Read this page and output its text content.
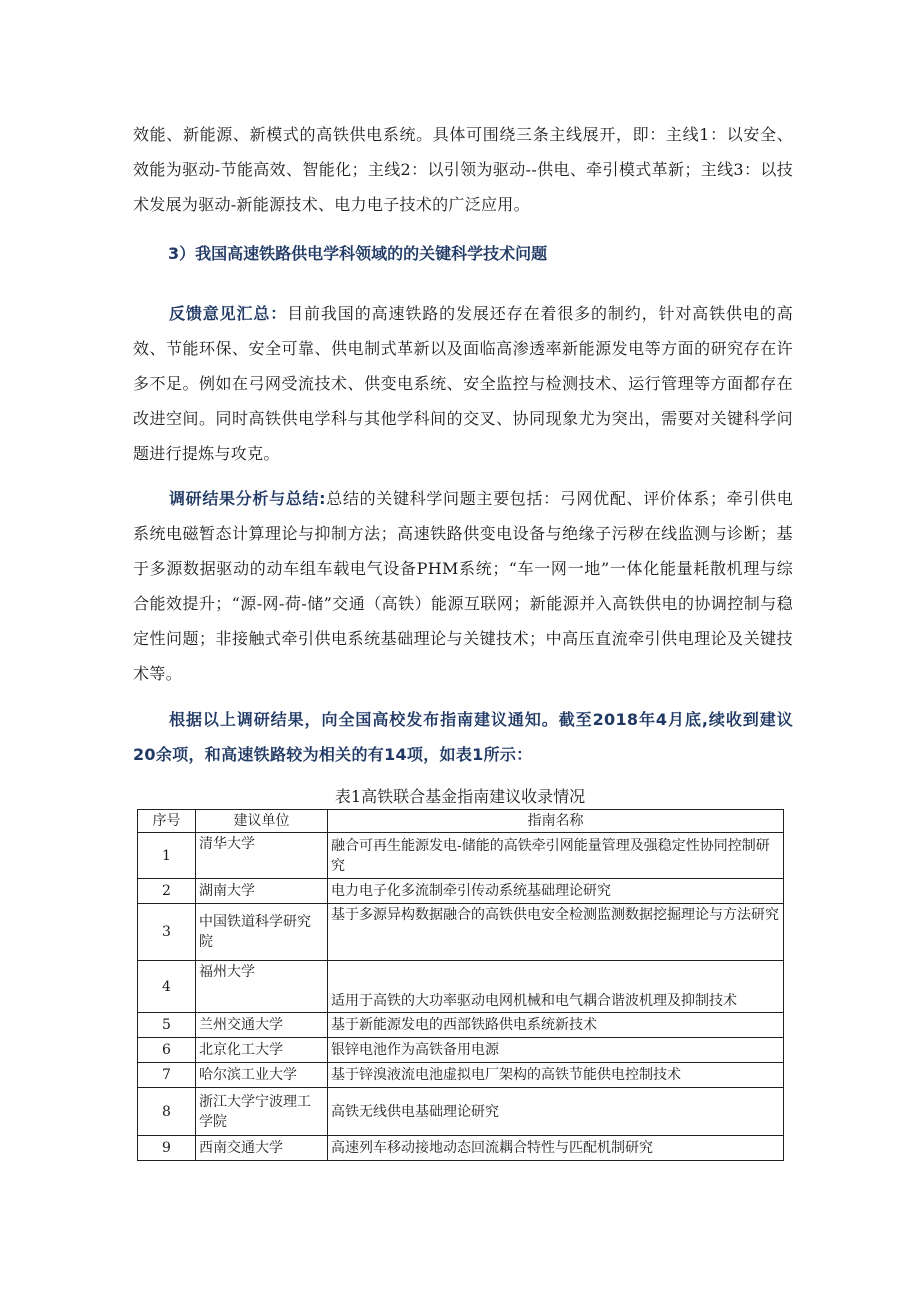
效能、新能源、新模式的高铁供电系统。具体可围绕三条主线展开，即：主线1：以安全、效能为驱动-节能高效、智能化；主线2：以引领为驱动--供电、牵引模式革新；主线3：以技术发展为驱动-新能源技术、电力电子技术的广泛应用。
3）我国高速铁路供电学科领域的的关键科学技术问题
反馈意见汇总：目前我国的高速铁路的发展还存在着很多的制约，针对高铁供电的高效、节能环保、安全可靠、供电制式革新以及面临高渗透率新能源发电等方面的研究存在许多不足。例如在弓网受流技术、供变电系统、安全监控与检测技术、运行管理等方面都存在改进空间。同时高铁供电学科与其他学科间的交叉、协同现象尤为突出，需要对关键科学问题进行提炼与攻克。
调研结果分析与总结:总结的关键科学问题主要包括：弓网优配、评价体系；牵引供电系统电磁暂态计算理论与抑制方法；高速铁路供变电设备与绝缘子污秽在线监测与诊断；基于多源数据驱动的动车组车载电气设备PHM系统；“车一网一地”一体化能量耗散机理与综合能效提升；“源-网-荷-储”交通（高铁）能源互联网；新能源并入高铁供电的协调控制与稳定性问题；非接触式牵引供电系统基础理论与关键技术；中高压直流牵引供电理论及关键技术等。
根据以上调研结果，向全国高校发布指南建议通知。截至2018年4月底,续收到建议20余项，和高速铁路较为相关的有14项，如表1所示：
表1高铁联合基金指南建议收录情况
序号	建议单位	指南名称
1	清华大学	融合可再生能源发电-储能的高铁牵引网能量管理及强稳定性协同控制研究
2	湖南大学	电力电子化多流制牵引传动系统基础理论研究
3	中国铁道科学研究院	基于多源异构数据融合的高铁供电安全检测监测数据挖掘理论与方法研究
4	福州大学	适用于高铁的大功率驱动电网机械和电气耦合谐波机理及抑制技术
5	兰州交通大学	基于新能源发电的西部铁路供电系统新技术
6	北京化工大学	银锌电池作为高铁备用电源
7	哈尔滨工业大学	基于锌溴液流电池虚拟电厂架构的高铁节能供电控制技术
8	浙江大学宁波理工学院	高铁无线供电基础理论研究
9	西南交通大学	高速列车移动接地动态回流耦合特性与匹配机制研究
